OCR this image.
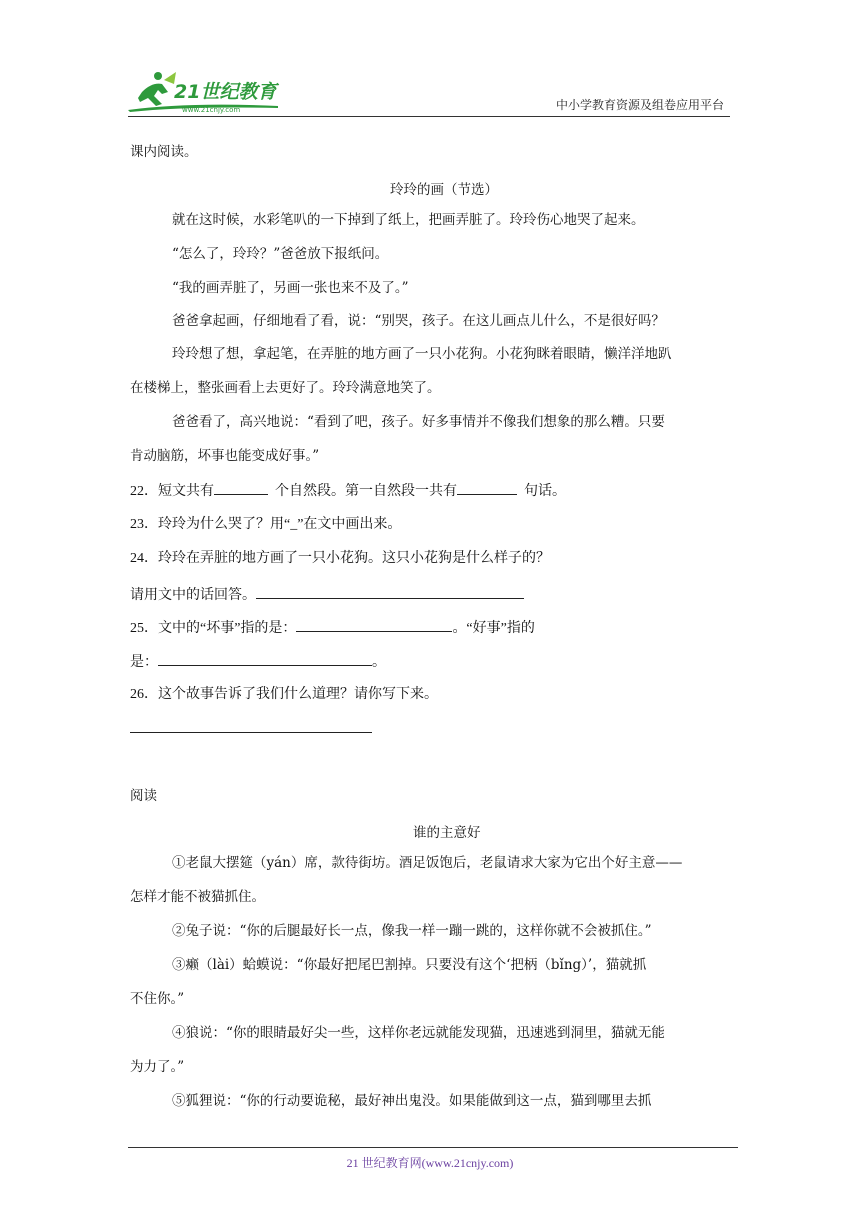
21世纪教育
www.21cnjy.com	中小学教育资源及组卷应用平台
课内阅读。
玲玲的画（节选）
就在这时候，水彩笔叭的一下掉到了纸上，把画弄脏了。玲玲伤心地哭了起来。
“怎么了，玲玲？”爸爸放下报纸问。
“我的画弄脏了，另画一张也来不及了。”
爸爸拿起画，仔细地看了看，说：“别哭，孩子。在这儿画点儿什么，不是很好吗？
玲玲想了想，拿起笔，在弄脏的地方画了一只小花狗。小花狗眯着眼睛，懒洋洋地趴
在楼梯上，整张画看上去更好了。玲玲满意地笑了。
爸爸看了，高兴地说：“看到了吧，孩子。好多事情并不像我们想象的那么糟。只要
肯动脑筋，坏事也能变成好事。”
22．短文共有	个自然段。第一自然段一共有	句话。
23．玲玲为什么哭了？用“_”在文中画出来。
24．玲玲在弄脏的地方画了一只小花狗。这只小花狗是什么样子的？
请用文中的话回答。
25．文中的“坏事”指的是：	。“好事”指的
是：	。
26．这个故事告诉了我们什么道理？请你写下来。
阅读
谁的主意好
①老鼠大摆筵（yán）席，款待街坊。酒足饭饱后，老鼠请求大家为它出个好主意——
怎样才能不被猫抓住。
②兔子说：“你的后腿最好长一点，像我一样一蹦一跳的，这样你就不会被抓住。”
③癞（lài）蛤蟆说：“你最好把尾巴割掉。只要没有这个‘把柄（bǐng）’，猫就抓
不住你。”
④狼说：“你的眼睛最好尖一些，这样你老远就能发现猫，迅速逃到洞里，猫就无能
为力了。”
⑤狐狸说：“你的行动要诡秘，最好神出鬼没。如果能做到这一点，猫到哪里去抓
21 世纪教育网(www.21cnjy.com)
